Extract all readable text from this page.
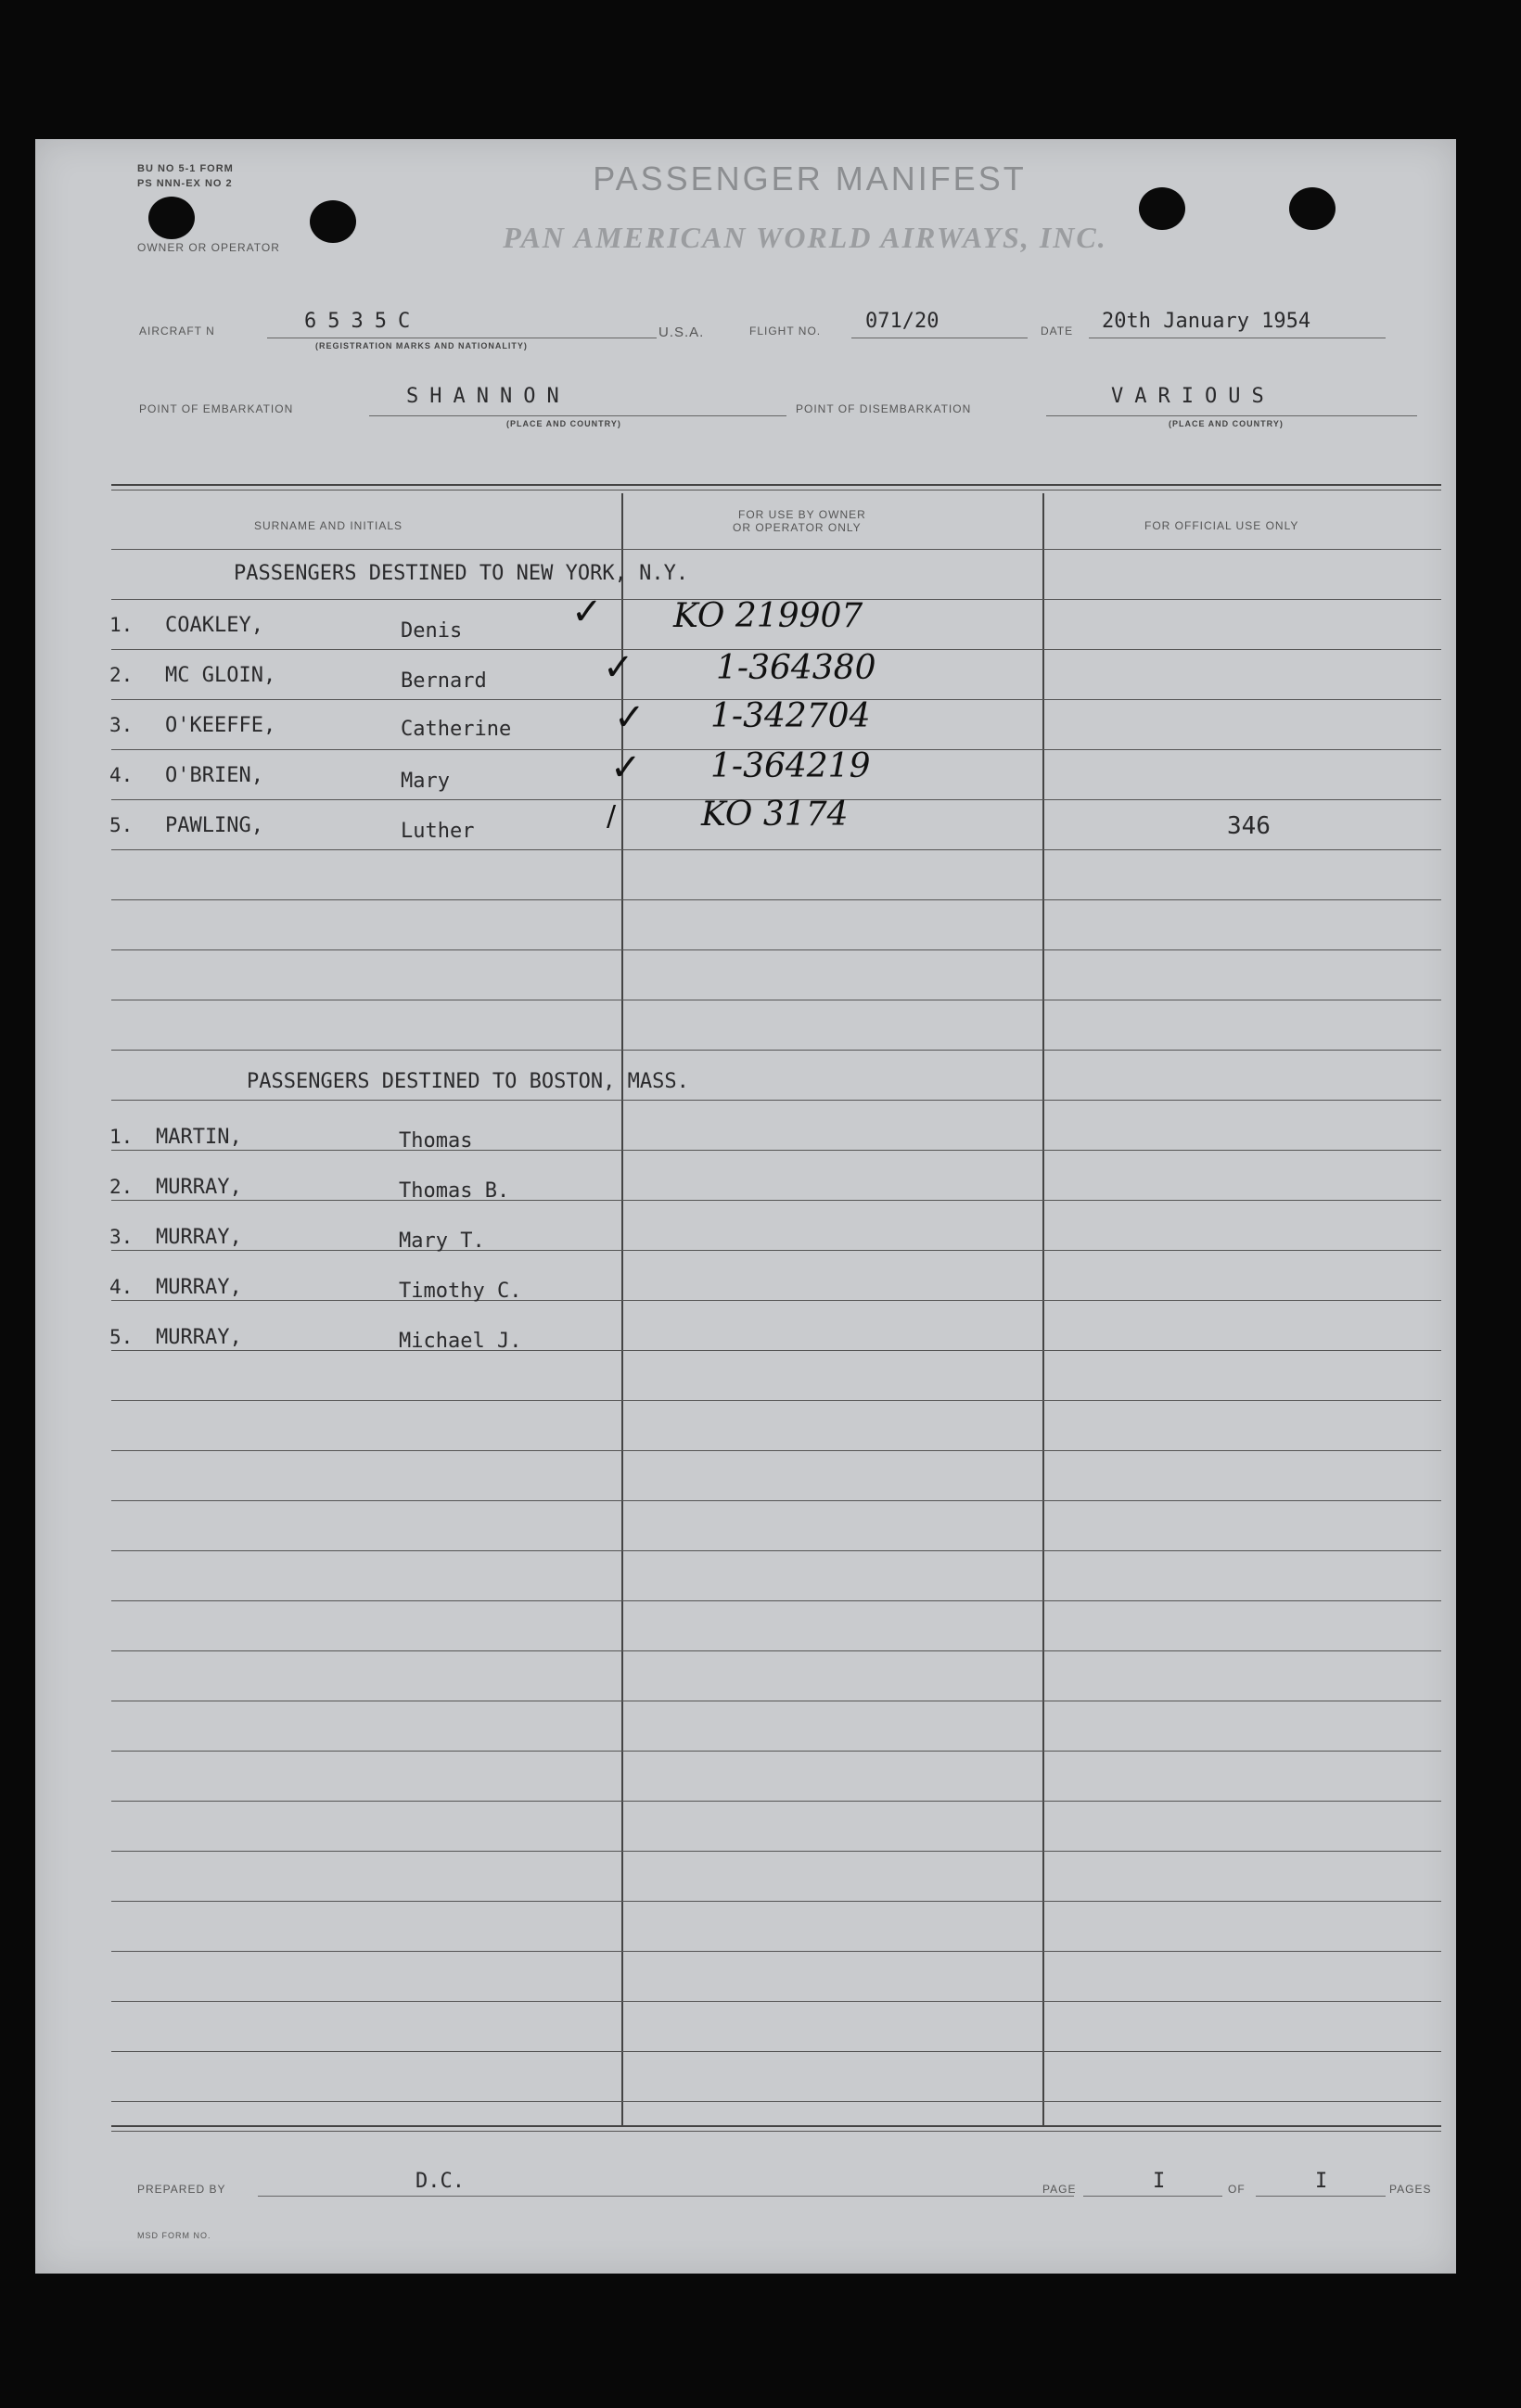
BU NO 5-1 FORM
PS NNN-EX NO 2
OWNER OR OPERATOR
PASSENGER MANIFEST
PAN AMERICAN WORLD AIRWAYS, INC.
AIRCRAFT N	6535C
(REGISTRATION MARKS AND NATIONALITY)
U.S.A.	FLIGHT NO. 071/20	DATE 20th January 1954
POINT OF EMBARKATION
SHANNON
(PLACE AND COUNTRY)
POINT OF DISEMBARKATION
VARIOUS
(PLACE AND COUNTRY)
SURNAME AND INITIALS
FOR USE BY OWNER
OR OPERATOR ONLY	FOR OFFICIAL USE ONLY
PASSENGERS DESTINED TO NEW YORK, N.Y.
1. COAKLEY,	Denis	✓ KO 219907
2. MC GLOIN,	Bernard	✓ 1-364380
3. O'KEEFFE,	Catherine	✓ 1-342704
4. O'BRIEN,	Mary	✓ 1-364219
5. PAWLING,	Luther	/	KO 3174	346
PASSENGERS DESTINED TO BOSTON, MASS.
1. MARTIN,	Thomas
2. MURRAY,	Thomas B.
3. MURRAY,	Mary T.
4. MURRAY,	Timothy C.
5. MURRAY,	Michael J.
PREPARED BY	D.C.	PAGE	I	OF	I	PAGES
MSD FORM NO.
